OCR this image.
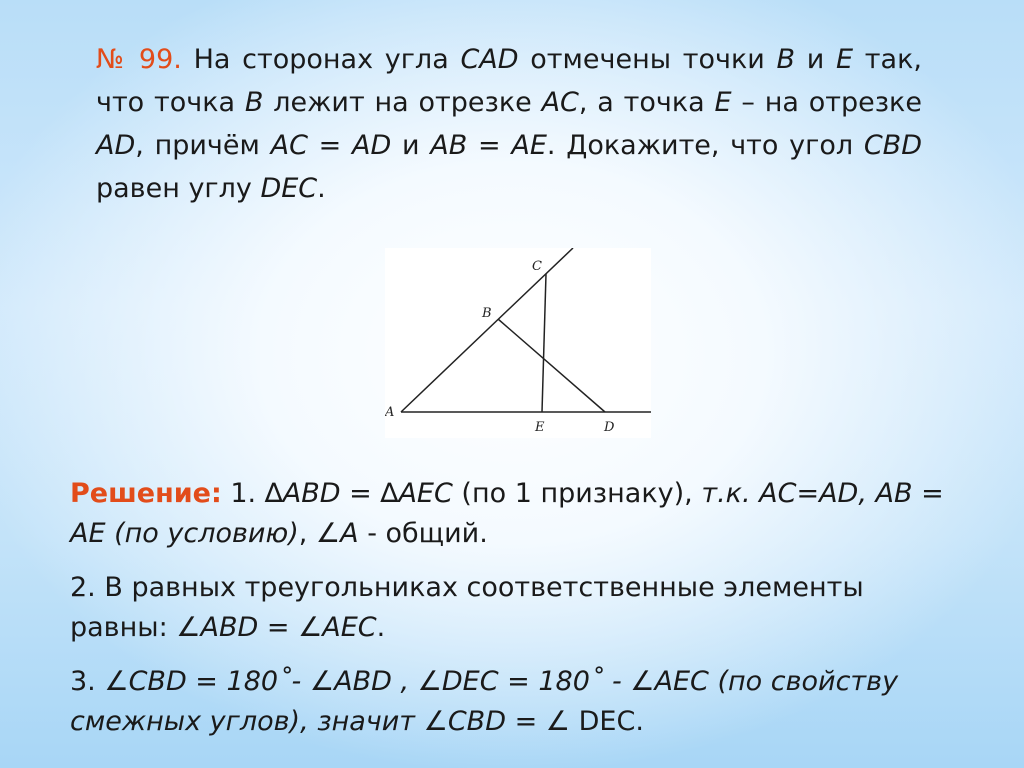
№ 99. На сторонах угла CAD отмечены точки B и E так, что точка B лежит на отрезке AC, а точка E – на отрезке AD, причём AC = AD и AB = AE. Докажите, что угол CBD равен углу DEC.
A
B
C
E	D

Решение: 1. ∆ABD = ∆AEC (по 1 признаку), т.к. AC=AD, AB = AE (по условию), ∠A - общий.

2. В равных треугольниках соответственные элементы равны: ∠ABD = ∠AEC.

3. ∠CBD = 180˚- ∠ABD , ∠DEC = 180˚ - ∠AEC (по свойству смежных углов), значит ∠CBD = ∠ DEC.
